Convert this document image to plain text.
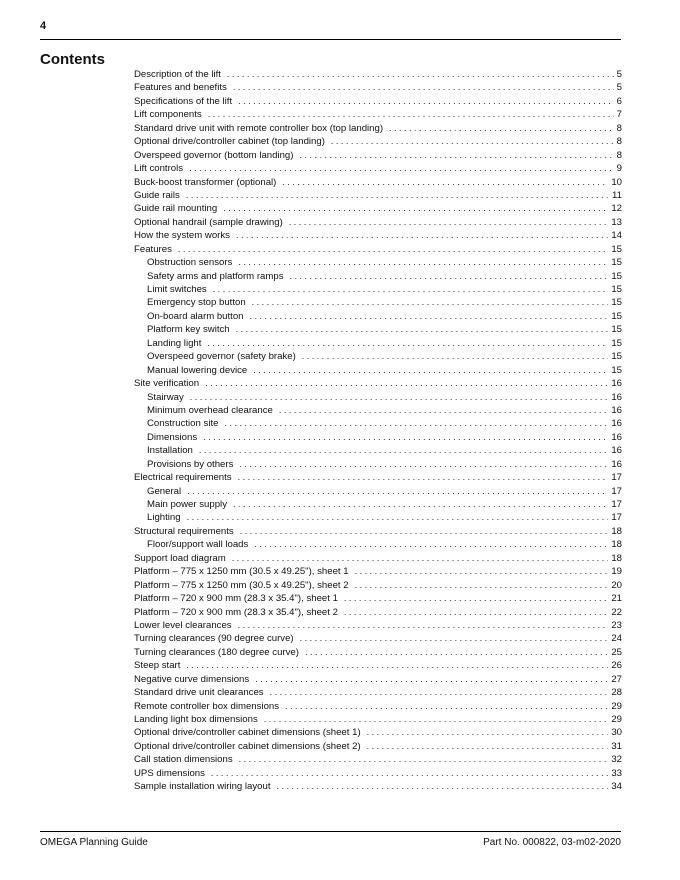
4
Contents
Description of the lift . . .	5
Features and benefits . . .	5
Specifications of the lift . . .	6
Lift components . . .	7
Standard drive unit with remote controller box (top landing) . . .	8
Optional drive/controller cabinet (top landing) . . .	8
Overspeed governor (bottom landing) . . .	8
Lift controls . . .	9
Buck-boost transformer (optional) . . .	10
Guide rails . . .	11
Guide rail mounting . . .	12
Optional handrail (sample drawing) . . .	13
How the system works . . .	14
Features . . .	15
Obstruction sensors . . .	15
Safety arms and platform ramps . . .	15
Limit switches . . .	15
Emergency stop button . . .	15
On-board alarm button . . .	15
Platform key switch . . .	15
Landing light . . .	15
Overspeed governor (safety brake) . . .	15
Manual lowering device . . .	15
Site verification . . .	16
Stairway . . .	16
Minimum overhead clearance . . .	16
Construction site . . .	16
Dimensions . . .	16
Installation . . .	16
Provisions by others . . .	16
Electrical requirements . . .	17
General . . .	17
Main power supply . . .	17
Lighting . . .	17
Structural requirements . . .	18
Floor/support wall loads . . .	18
Support load diagram . . .	18
Platform – 775 x 1250 mm (30.5 x 49.25"), sheet 1 . . .	19
Platform – 775 x 1250 mm (30.5 x 49.25"), sheet 2 . . .	20
Platform – 720 x 900 mm (28.3 x 35.4"), sheet 1 . . .	21
Platform – 720 x 900 mm (28.3 x 35.4"), sheet 2 . . .	22
Lower level clearances . . .	23
Turning clearances (90 degree curve) . . .	24
Turning clearances (180 degree curve) . . .	25
Steep start . . .	26
Negative curve dimensions . . .	27
Standard drive unit clearances . . .	28
Remote controller box dimensions . . .	29
Landing light box dimensions . . .	29
Optional drive/controller cabinet dimensions (sheet 1) . . .	30
Optional drive/controller cabinet dimensions (sheet 2) . . .	31
Call station dimensions . . .	32
UPS dimensions . . .	33
Sample installation wiring layout . . .	34
OMEGA Planning Guide	Part No. 000822, 03-m02-2020
